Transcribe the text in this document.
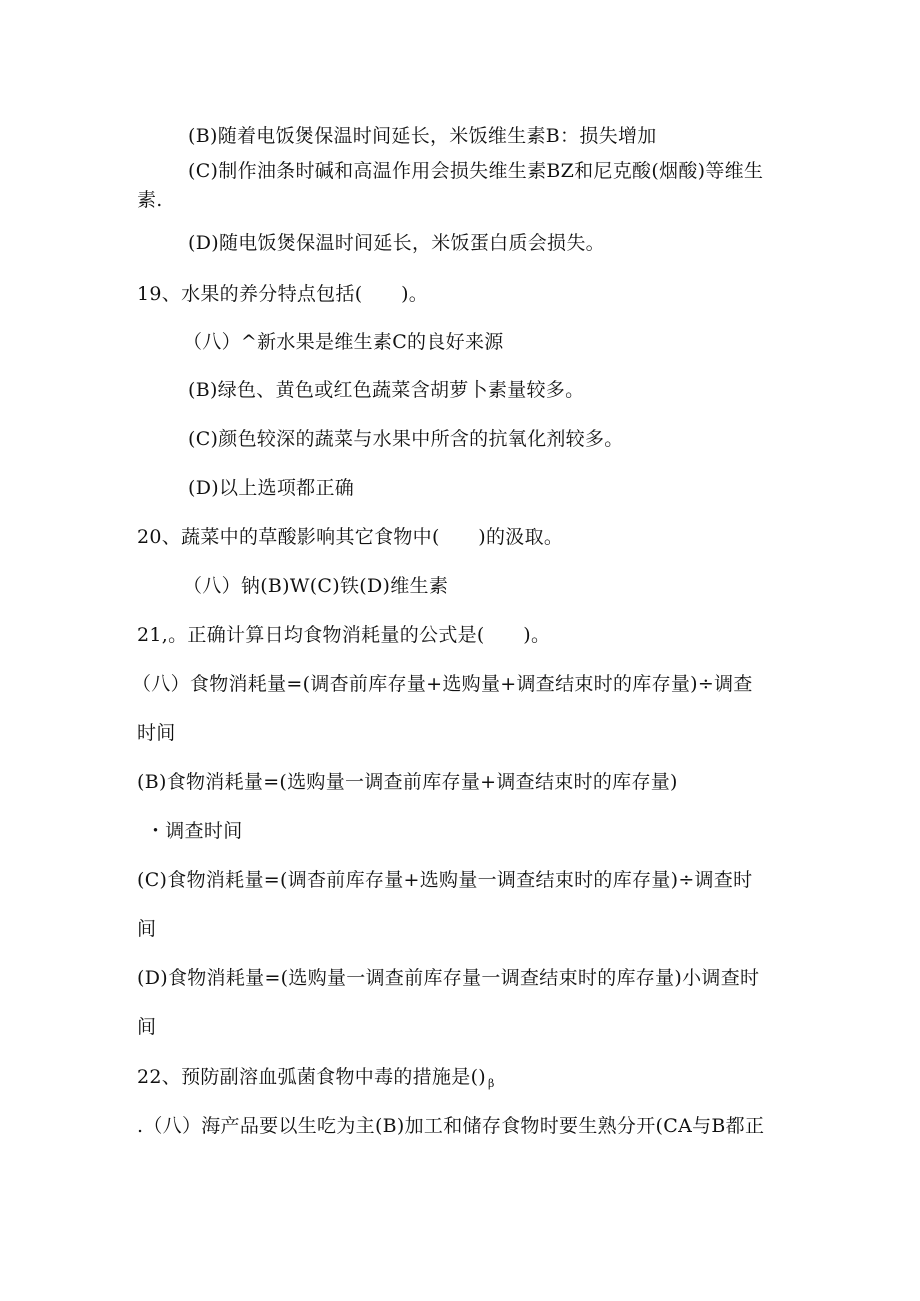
(B)随着电饭煲保温时间延长，米饭维生素B：损失增加
(C)制作油条时碱和高温作用会损失维生素BZ和尼克酸(烟酸)等维生
素.
(D)随电饭煲保温时间延长，米饭蛋白质会损失。
19、水果的养分特点包括(　　)。
（八）^新水果是维生素C的良好来源
(B)绿色、黄色或红色蔬菜含胡萝卜素量较多。
(C)颜色较深的蔬菜与水果中所含的抗氧化剂较多。
(D)以上选项都正确
20、蔬菜中的草酸影响其它食物中(　　)的汲取。
（八）钠(B)W(C)铁(D)维生素
21,。正确计算日均食物消耗量的公式是(　　)。
（八）食物消耗量=(调杳前库存量+选购量+调查结束时的库存量)÷调查
时间
(B)食物消耗量=(选购量一调查前库存量+调查结束时的库存量)
・调查时间
(C)食物消耗量=(调杳前库存量+选购量一调查结束时的库存量)÷调查时
间
(D)食物消耗量=(选购量一调查前库存量一调查结束时的库存量)小调查时
间
22、预防副溶血弧菌食物中毒的措施是() $_\beta$
.（八）海产品要以生吃为主(B)加工和储存食物时要生熟分开(CA与B都正
